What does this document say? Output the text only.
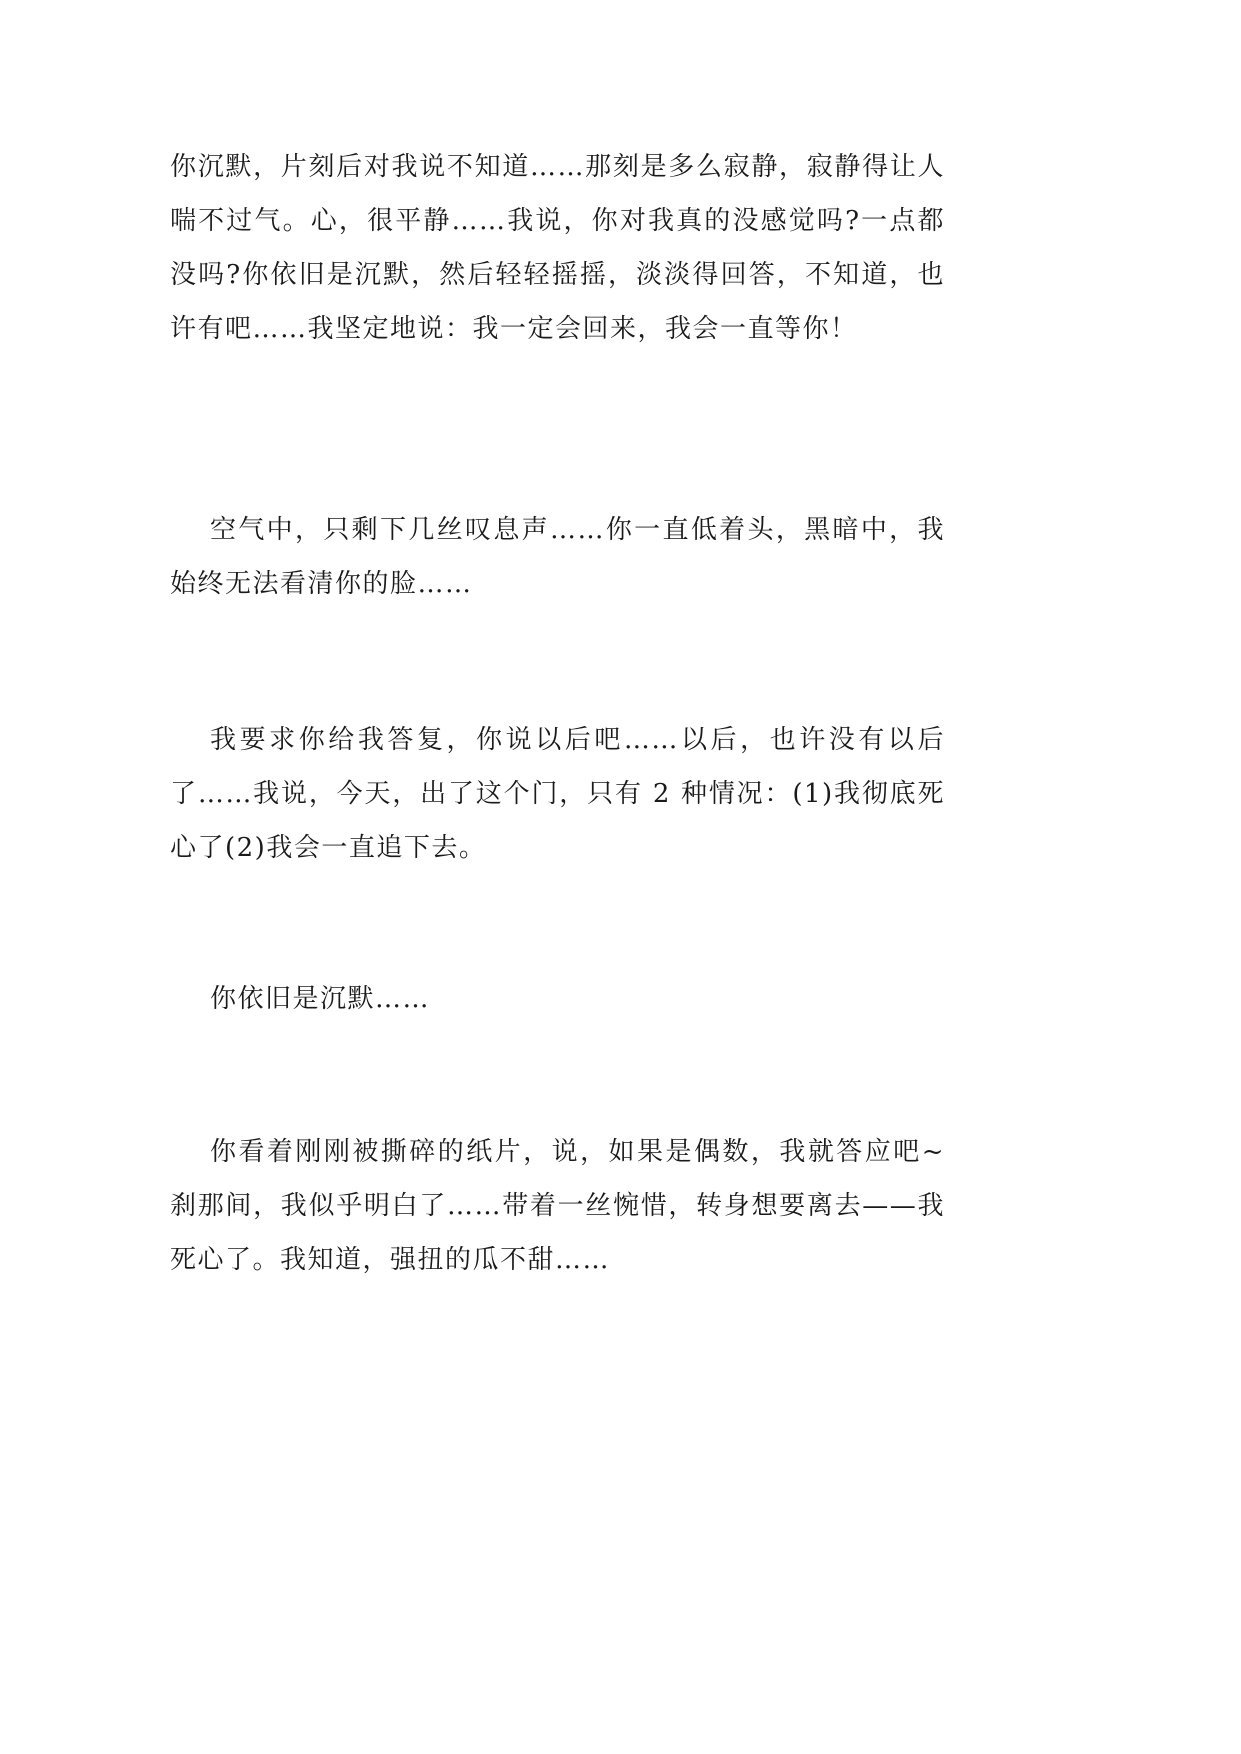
你沉默，片刻后对我说不知道……那刻是多么寂静，寂静得让人喘不过气。心，很平静……我说，你对我真的没感觉吗?一点都没吗?你依旧是沉默，然后轻轻摇摇，淡淡得回答，不知道，也许有吧……我坚定地说：我一定会回来，我会一直等你！

空气中，只剩下几丝叹息声……你一直低着头，黑暗中，我始终无法看清你的脸……

我要求你给我答复，你说以后吧……以后，也许没有以后了……我说，今天，出了这个门，只有 2 种情况：(1)我彻底死心了(2)我会一直追下去。

你依旧是沉默……

你看着刚刚被撕碎的纸片，说，如果是偶数，我就答应吧~刹那间，我似乎明白了……带着一丝惋惜，转身想要离去——我死心了。我知道，强扭的瓜不甜……
